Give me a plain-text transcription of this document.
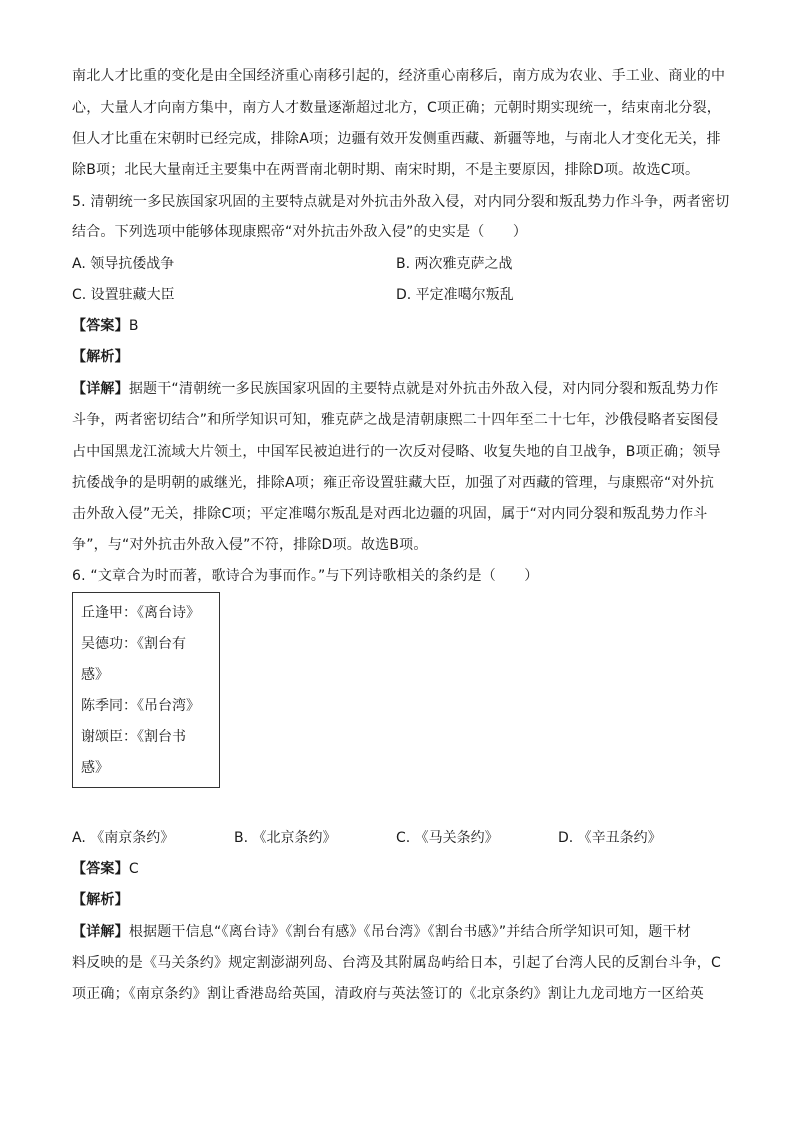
南北人才比重的变化是由全国经济重心南移引起的，经济重心南移后，南方成为农业、手工业、商业的中
心，大量人才向南方集中，南方人才数量逐渐超过北方，C项正确；元朝时期实现统一，结束南北分裂，
但人才比重在宋朝时已经完成，排除A项；边疆有效开发侧重西藏、新疆等地，与南北人才变化无关，排
除B项；北民大量南迁主要集中在两晋南北朝时期、南宋时期，不是主要原因，排除D项。故选C项。
5. 清朝统一多民族国家巩固的主要特点就是对外抗击外敌入侵，对内同分裂和叛乱势力作斗争，两者密切
结合。下列选项中能够体现康熙帝“对外抗击外敌入侵”的史实是（　　）
A. 领导抗倭战争	B. 两次雅克萨之战
C. 设置驻藏大臣	D. 平定准噶尔叛乱
【答案】B
【解析】
【详解】据题干“清朝统一多民族国家巩固的主要特点就是对外抗击外敌入侵，对内同分裂和叛乱势力作
斗争，两者密切结合”和所学知识可知，雅克萨之战是清朝康熙二十四年至二十七年，沙俄侵略者妄图侵
占中国黑龙江流域大片领土，中国军民被迫进行的一次反对侵略、收复失地的自卫战争，B项正确；领导
抗倭战争的是明朝的戚继光，排除A项；雍正帝设置驻藏大臣，加强了对西藏的管理，与康熙帝“对外抗
击外敌入侵”无关，排除C项；平定准噶尔叛乱是对西北边疆的巩固，属于“对内同分裂和叛乱势力作斗
争”，与“对外抗击外敌入侵”不符，排除D项。故选B项。
6. “文章合为时而著，歌诗合为事而作。”与下列诗歌相关的条约是（　　）
丘逢甲：《离台诗》
吴德功：《割台有
感》
陈季同：《吊台湾》
谢颂臣：《割台书
感》
A. 《南京条约》	B. 《北京条约》	C. 《马关条约》	D. 《辛丑条约》
【答案】C
【解析】
【详解】根据题干信息“《离台诗》《割台有感》《吊台湾》《割台书感》”并结合所学知识可知，题干材
料反映的是《马关条约》规定割澎湖列岛、台湾及其附属岛屿给日本，引起了台湾人民的反割台斗争，C
项正确；《南京条约》割让香港岛给英国，清政府与英法签订的《北京条约》割让九龙司地方一区给英
